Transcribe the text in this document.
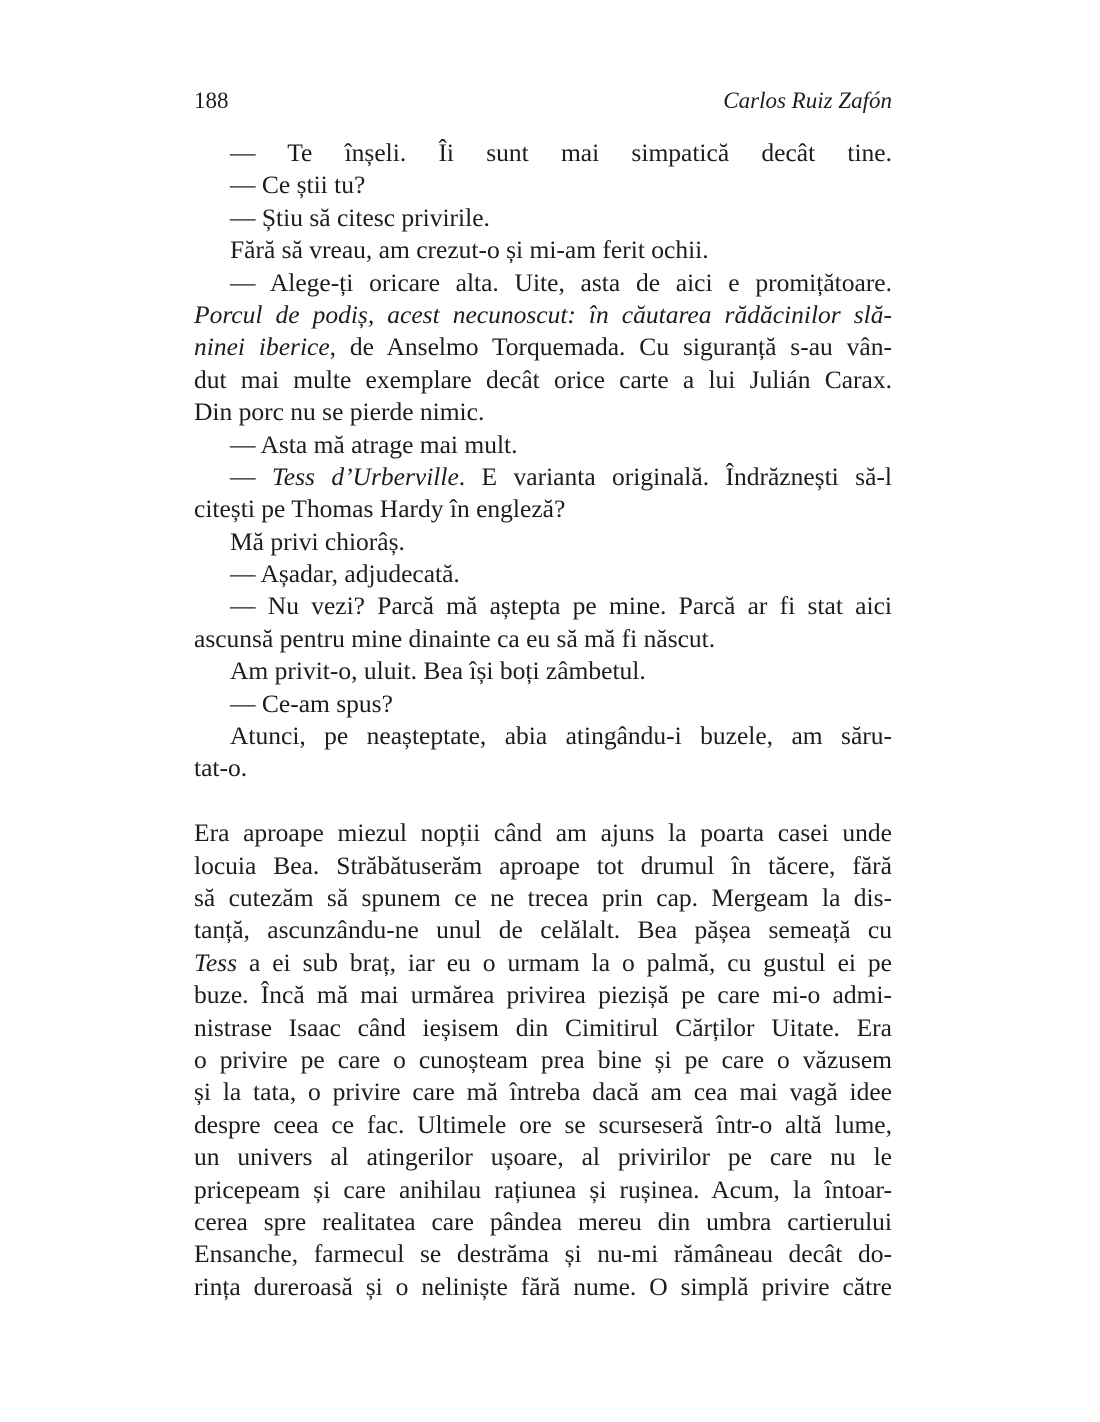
188	Carlos Ruiz Zafón
— Te înșeli. Îi sunt mai simpatică decât tine.
— Ce știi tu?
— Știu să citesc privirile.
Fără să vreau, am crezut-o și mi-am ferit ochii.
— Alege-ți oricare alta. Uite, asta de aici e promițătoare.
Porcul de podiș, acest necunoscut: în căutarea rădăcinilor slă-
ninei iberice, de Anselmo Torquemada. Cu siguranță s-au vân-
dut mai multe exemplare decât orice carte a lui Julián Carax.
Din porc nu se pierde nimic.
— Asta mă atrage mai mult.
— Tess d’Urberville. E varianta originală. Îndrăznești să-l
citești pe Thomas Hardy în engleză?
Mă privi chiorâș.
— Așadar, adjudecată.
— Nu vezi? Parcă mă aștepta pe mine. Parcă ar fi stat aici
ascunsă pentru mine dinainte ca eu să mă fi născut.
Am privit-o, uluit. Bea își boți zâmbetul.
— Ce-am spus?
Atunci, pe neașteptate, abia atingându-i buzele, am săru-
tat-o.
Era aproape miezul nopții când am ajuns la poarta casei unde
locuia Bea. Străbătuserăm aproape tot drumul în tăcere, fără
să cutezăm să spunem ce ne trecea prin cap. Mergeam la dis-
tanță, ascunzându-ne unul de celălalt. Bea pășea semeață cu
Tess a ei sub braț, iar eu o urmam la o palmă, cu gustul ei pe
buze. Încă mă mai urmărea privirea piezișă pe care mi-o admi-
nistrase Isaac când ieșisem din Cimitirul Cărților Uitate. Era
o privire pe care o cunoșteam prea bine și pe care o văzusem
și la tata, o privire care mă întreba dacă am cea mai vagă idee
despre ceea ce fac. Ultimele ore se scurseseră într-o altă lume,
un univers al atingerilor ușoare, al privirilor pe care nu le
pricepeam și care anihilau rațiunea și rușinea. Acum, la întoar-
cerea spre realitatea care pândea mereu din umbra cartierului
Ensanche, farmecul se destrăma și nu-mi rămâneau decât do-
rința dureroasă și o neliniște fără nume. O simplă privire către
